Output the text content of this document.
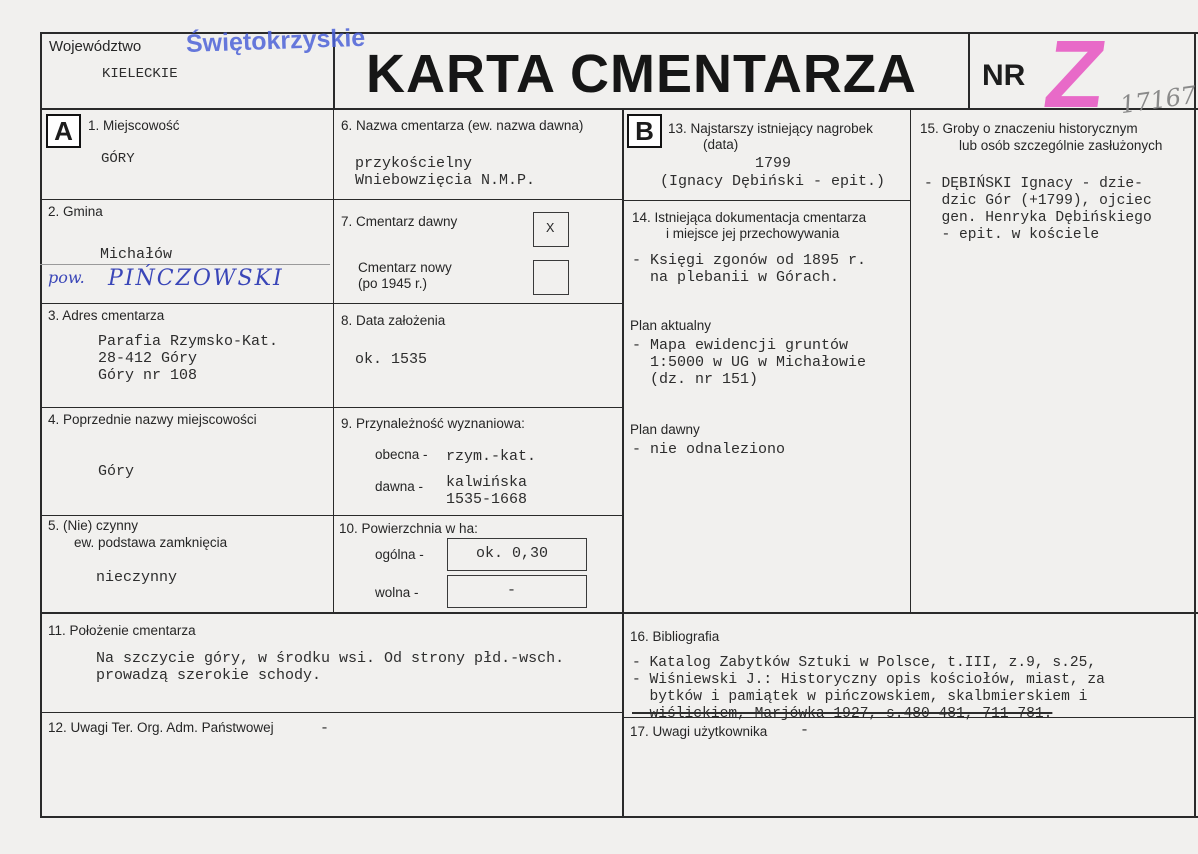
Województwo Świętokrzyskie
KIELECKIE	KARTA CMENTARZA NR Z 17167
A	1. Miejscowość
GÓRY
2. Gmina
Michałów
pow. PIŃCZOWSKI
3. Adres cmentarza
Parafia Rzymsko-Kat.
28-412 Góry
Góry nr 108
4. Poprzednie nazwy miejscowości
Góry
5. (Nie) czynny
ew. podstawa zamknięcia
nieczynny
6. Nazwa cmentarza (ew. nazwa dawna)
przykościelny
Wniebowzięcia N.M.P.
7. Cmentarz dawny	X
Cmentarz nowy
(po 1945 r.)
8. Data założenia
ok. 1535
9. Przynależność wyznaniowa:
obecna - rzym.-kat.
dawna - kalwińska
1535-1668
10. Powierzchnia w ha:
ogólna -	ok. 0,30
wolna -	-
B	13. Najstarszy istniejący nagrobek
(data)
1799
(Ignacy Dębiński - epit.)
14. Istniejąca dokumentacja cmentarza
i miejsce jej przechowywania
- Księgi zgonów od 1895 r.
na plebanii w Górach.
Plan aktualny
- Mapa ewidencji gruntów
1:5000 w UG w Michałowie
(dz. nr 151)
Plan dawny
- nie odnaleziono
15. Groby o znaczeniu historycznym
lub osób szczególnie zasłużonych
- DĘBIŃSKI Ignacy - dzie-
dzic Gór (+1799), ojciec
gen. Henryka Dębińskiego
- epit. w kościele
11. Położenie cmentarza
Na szczycie góry, w środku wsi. Od strony płd.-wsch.
prowadzą szerokie schody.
12. Uwagi Ter. Org. Adm. Państwowej	-
16. Bibliografia
- Katalog Zabytków Sztuki w Polsce, t.III, z.9, s.25,
- Wiśniewski J.: Historyczny opis kościołów, miast, za
bytków i pamiątek w pińczowskiem, skalbmierskiem i
wiślickiem, Marjówka 1927, s.480-481, 711-781.
17. Uwagi użytkownika -
